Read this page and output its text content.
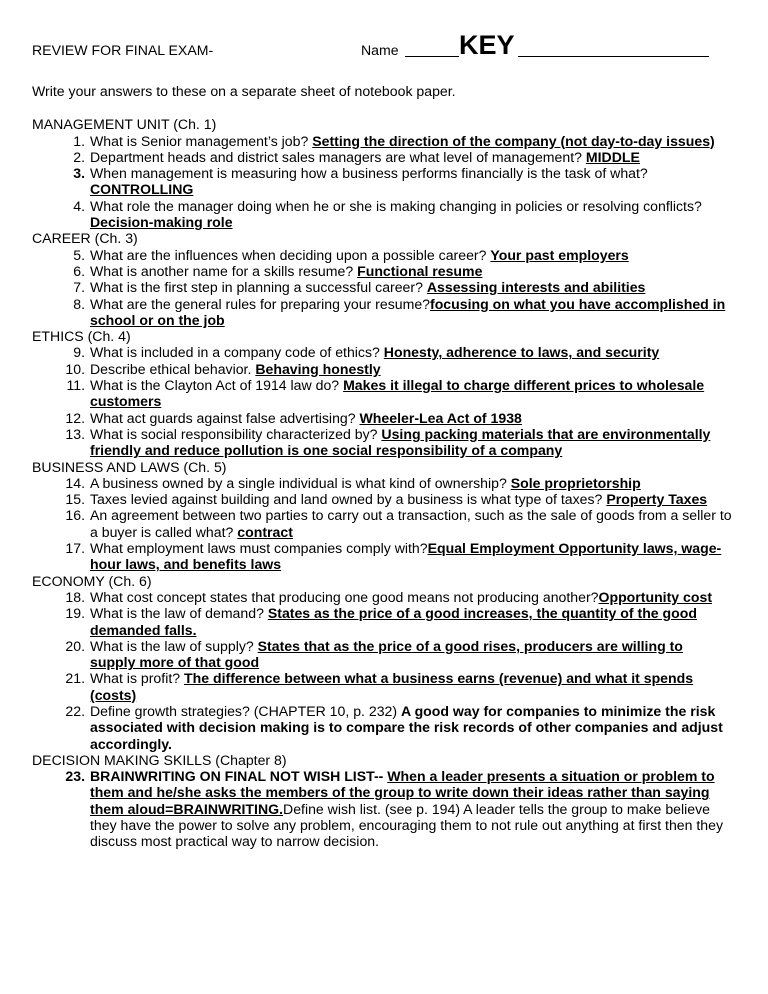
REVIEW FOR FINAL EXAM-	Name KEY
Write your answers to these on a separate sheet of notebook paper.
MANAGEMENT UNIT (Ch. 1)
1. What is Senior management’s job? Setting the direction of the company (not day-to-day issues)
2. Department heads and district sales managers are what level of management? MIDDLE
3. When management is measuring how a business performs financially is the task of what? CONTROLLING
4. What role the manager doing when he or she is making changing in policies or resolving conflicts? Decision-making role
CAREER (Ch. 3)
5. What are the influences when deciding upon a possible career? Your past employers
6. What is another name for a skills resume? Functional resume
7. What is the first step in planning a successful career? Assessing interests and abilities
8. What are the general rules for preparing your resume?focusing on what you have accomplished in school or on the job
ETHICS (Ch. 4)
9. What is included in a company code of ethics? Honesty, adherence to laws, and security
10. Describe ethical behavior. Behaving honestly
11. What is the Clayton Act of 1914 law do? Makes it illegal to charge different prices to wholesale customers
12. What act guards against false advertising? Wheeler-Lea Act of 1938
13. What is social responsibility characterized by? Using packing materials that are environmentally friendly and reduce pollution is one social responsibility of a company
BUSINESS AND LAWS (Ch. 5)
14. A business owned by a single individual is what kind of ownership? Sole proprietorship
15. Taxes levied against building and land owned by a business is what type of taxes? Property Taxes
16. An agreement between two parties to carry out a transaction, such as the sale of goods from a seller to a buyer is called what? contract
17. What employment laws must companies comply with?Equal Employment Opportunity laws, wage-hour laws, and benefits laws
ECONOMY (Ch. 6)
18. What cost concept states that producing one good means not producing another?Opportunity cost
19. What is the law of demand? States as the price of a good increases, the quantity of the good demanded falls.
20. What is the law of supply? States that as the price of a good rises, producers are willing to supply more of that good
21. What is profit? The difference between what a business earns (revenue) and what it spends (costs)
22. Define growth strategies? (CHAPTER 10, p. 232) A good way for companies to minimize the risk associated with decision making is to compare the risk records of other companies and adjust accordingly.
DECISION MAKING SKILLS (Chapter 8)
23. BRAINWRITING ON FINAL NOT WISH LIST-- When a leader presents a situation or problem to them and he/she asks the members of the group to write down their ideas rather than saying them aloud=BRAINWRITING.Define wish list. (see p. 194) A leader tells the group to make believe they have the power to solve any problem, encouraging them to not rule out anything at first then they discuss most practical way to narrow decision.
